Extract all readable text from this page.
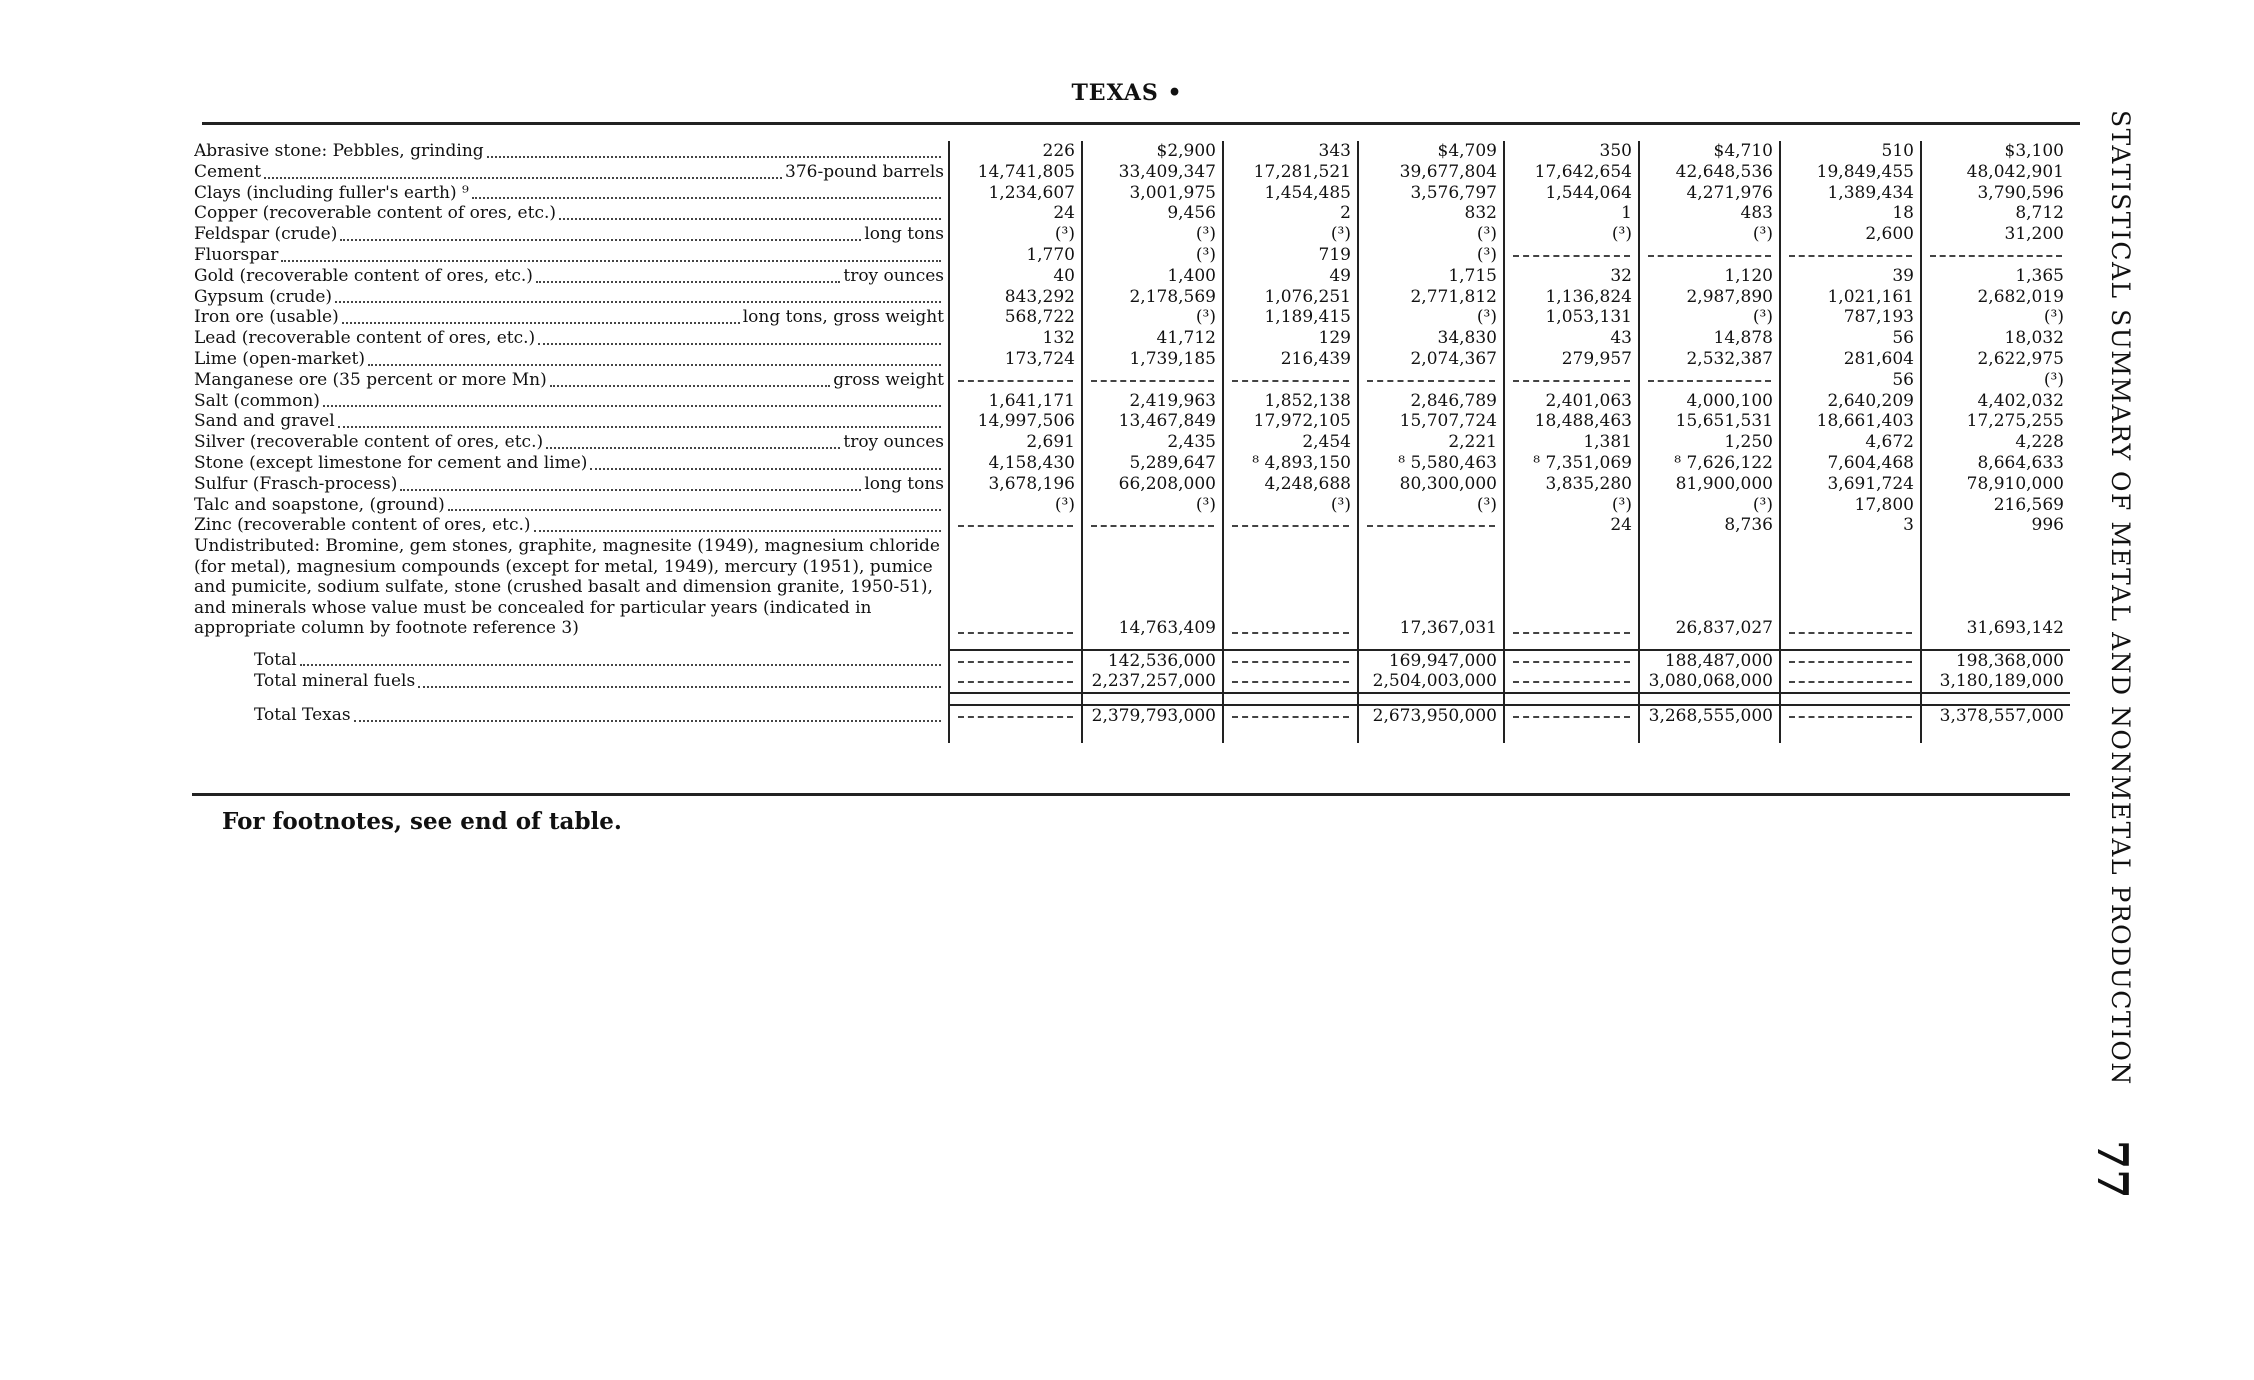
TEXAS •
Abrasive stone: Pebbles, grinding	226	$2,900	343	$4,709	350	$4,710	510	$3,100

Cement 376-pound barrels	14,741,805	33,409,347	17,281,521	39,677,804	17,642,654	42,648,536	19,849,455	48,042,901

Clays (including fuller's earth) ⁹	1,234,607	3,001,975	1,454,485	3,576,797	1,544,064	4,271,976	1,389,434	3,790,596

Copper (recoverable content of ores, etc.)	24	9,456	2	832	1	483	18	8,712

Feldspar (crude) long tons	(³)	(³)	(³)	(³)	(³)	(³)	2,600	31,200

Fluorspar	1,770	(³)	719	(³)	

Gold (recoverable content of ores, etc.) troy ounces	40	1,400	49	1,715	32	1,120	39	1,365

Gypsum (crude)	843,292	2,178,569	1,076,251	2,771,812	1,136,824	2,987,890	1,021,161	2,682,019

Iron ore (usable) long tons, gross weight	568,722	(³)	1,189,415	(³)	1,053,131	(³)	787,193	(³)

Lead (recoverable content of ores, etc.)	132	41,712	129	34,830	43	14,878	56	18,032

Lime (open-market)	173,724	1,739,185	216,439	2,074,367	279,957	2,532,387	281,604	2,622,975

Manganese ore (35 percent or more Mn) gross weight							56	(³)

Salt (common)	1,641,171	2,419,963	1,852,138	2,846,789	2,401,063	4,000,100	2,640,209	4,402,032

Sand and gravel	14,997,506	13,467,849	17,972,105	15,707,724	18,488,463	15,651,531	18,661,403	17,275,255

Silver (recoverable content of ores, etc.) troy ounces	2,691	2,435	2,454	2,221	1,381	1,250	4,672	4,228

Stone (except limestone for cement and lime)	4,158,430	5,289,647	⁸ 4,893,150	⁸ 5,580,463	⁸ 7,351,069	⁸ 7,626,122	7,604,468	8,664,633

Sulfur (Frasch-process) long tons	3,678,196	66,208,000	4,248,688	80,300,000	3,835,280	81,900,000	3,691,724	78,910,000

Talc and soapstone, (ground)	(³)	(³)	(³)	(³)	(³)	(³)	17,800	216,569

Zinc (recoverable content of ores, etc.)					24	8,736	3	996
Undistributed: Bromine, gem stones, graphite, magnesite (1949), magnesium chloride (for metal), magnesium compounds (except for metal, 1949), mercury (1951), pumice and pumicite, sodium sulfate, stone (crushed basalt and dimension granite, 1950-51), and minerals whose value must be concealed for particular years (indicated in appropriate column by footnote reference 3)		14,763,409		17,367,031		26,837,027		31,693,142

Total		142,536,000		169,947,000		188,487,000		198,368,000

Total mineral fuels		2,237,257,000		2,504,003,000		3,080,068,000		3,180,189,000

Total Texas		2,379,793,000		2,673,950,000		3,268,555,000		3,378,557,000

For footnotes, see end of table.	STATISTICAL SUMMARY OF METAL AND NONMETAL PRODUCTION
77
